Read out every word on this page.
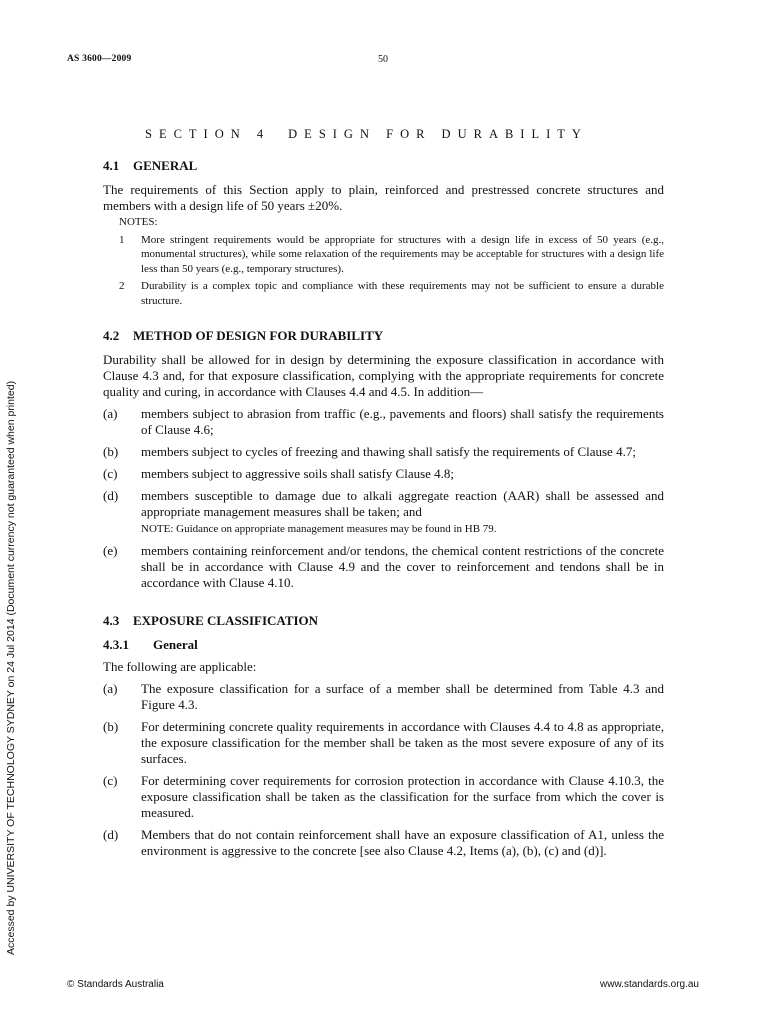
AS 3600—2009	50
SECTION 4 DESIGN FOR DURABILITY
Accessed by UNIVERSITY OF TECHNOLOGY SYDNEY on 24 Jul 2014 (Document currency not guaranteed when printed)
4.1 GENERAL

The requirements of this Section apply to plain, reinforced and prestressed concrete structures and members with a design life of 50 years ±20%.

NOTES:
1	More stringent requirements would be appropriate for structures with a design life in excess of 50 years (e.g., monumental structures), while some relaxation of the requirements may be acceptable for structures with a design life less than 50 years (e.g., temporary structures).
2	Durability is a complex topic and compliance with these requirements may not be sufficient to ensure a durable structure.
4.2 METHOD OF DESIGN FOR DURABILITY

Durability shall be allowed for in design by determining the exposure classification in accordance with Clause 4.3 and, for that exposure classification, complying with the appropriate requirements for concrete quality and curing, in accordance with Clauses 4.4 and 4.5. In addition—

(a)	members subject to abrasion from traffic (e.g., pavements and floors) shall satisfy the requirements of Clause 4.6;
(b)	members subject to cycles of freezing and thawing shall satisfy the requirements of Clause 4.7;
(c)	members subject to aggressive soils shall satisfy Clause 4.8;
(d)	members susceptible to damage due to alkali aggregate reaction (AAR) shall be assessed and appropriate management measures shall be taken; and
NOTE: Guidance on appropriate management measures may be found in HB 79.
(e)	members containing reinforcement and/or tendons, the chemical content restrictions of the concrete shall be in accordance with Clause 4.9 and the cover to reinforcement and tendons shall be in accordance with Clause 4.10.
4.3 EXPOSURE CLASSIFICATION
4.3.1 General

The following are applicable:

(a)	The exposure classification for a surface of a member shall be determined from Table 4.3 and Figure 4.3.
(b)	For determining concrete quality requirements in accordance with Clauses 4.4 to 4.8 as appropriate, the exposure classification for the member shall be taken as the most severe exposure of any of its surfaces.
(c)	For determining cover requirements for corrosion protection in accordance with Clause 4.10.3, the exposure classification shall be taken as the classification for the surface from which the cover is measured.
(d)	Members that do not contain reinforcement shall have an exposure classification of A1, unless the environment is aggressive to the concrete [see also Clause 4.2, Items (a), (b), (c) and (d)].
© Standards Australia	www.standards.org.au
